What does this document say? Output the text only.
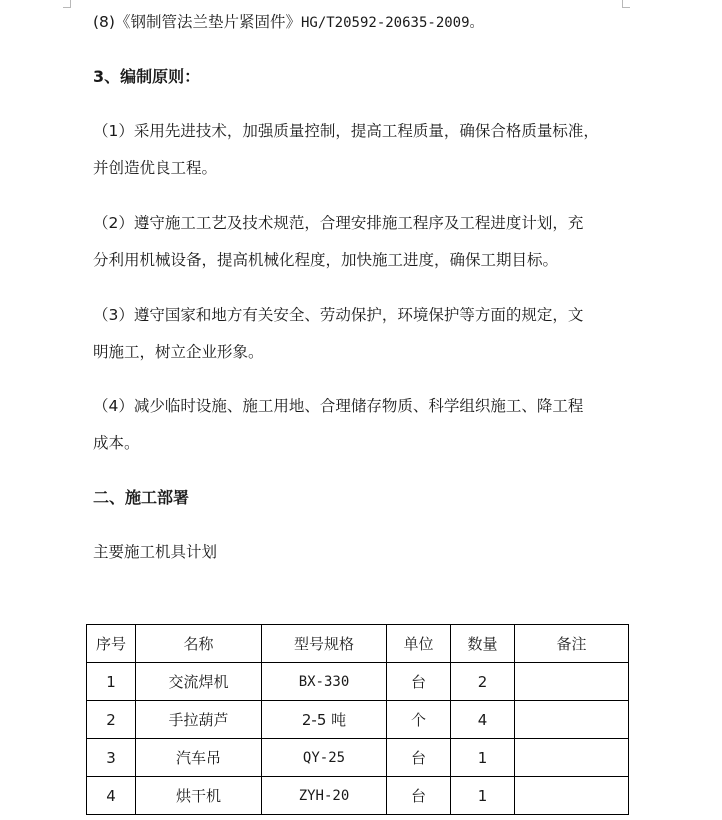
(8)《钢制管法兰垫片紧固件》HG/T20592-20635-2009。
3、编制原则：
（1）采用先进技术，加强质量控制，提高工程质量，确保合格质量标准，
并创造优良工程。
（2）遵守施工工艺及技术规范，合理安排施工程序及工程进度计划，充
分利用机械设备，提高机械化程度，加快施工进度，确保工期目标。
（3）遵守国家和地方有关安全、劳动保护，环境保护等方面的规定，文
明施工，树立企业形象。
（4）减少临时设施、施工用地、合理储存物质、科学组织施工、降工程
成本。
二、施工部署
主要施工机具计划
序号	名称	型号规格	单位	数量	备注
1	交流焊机	BX-330	台	2	
2	手拉葫芦	2-5 吨	个	4	
3	汽车吊	QY-25	台	1	
4	烘干机	ZYH-20	台	1	
